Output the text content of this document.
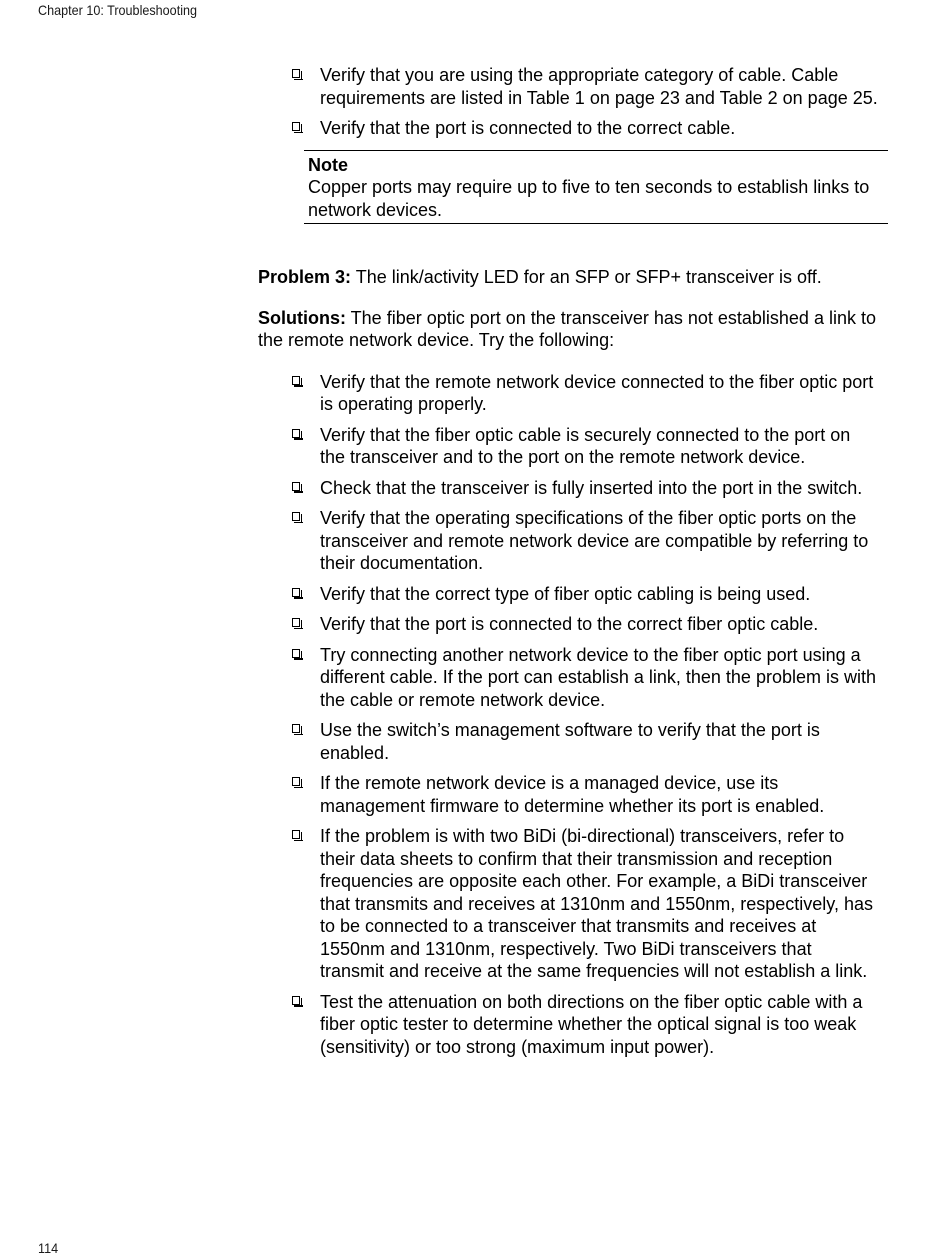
Chapter 10: Troubleshooting
Verify that you are using the appropriate category of cable. Cable requirements are listed in Table 1 on page 23 and Table 2 on page 25.
Verify that the port is connected to the correct cable.
Note
Copper ports may require up to five to ten seconds to establish links to network devices.
Problem 3: The link/activity LED for an SFP or SFP+ transceiver is off.
Solutions: The fiber optic port on the transceiver has not established a link to the remote network device. Try the following:
Verify that the remote network device connected to the fiber optic port is operating properly.
Verify that the fiber optic cable is securely connected to the port on the transceiver and to the port on the remote network device.
Check that the transceiver is fully inserted into the port in the switch.
Verify that the operating specifications of the fiber optic ports on the transceiver and remote network device are compatible by referring to their documentation.
Verify that the correct type of fiber optic cabling is being used.
Verify that the port is connected to the correct fiber optic cable.
Try connecting another network device to the fiber optic port using a different cable. If the port can establish a link, then the problem is with the cable or remote network device.
Use the switch’s management software to verify that the port is enabled.
If the remote network device is a managed device, use its management firmware to determine whether its port is enabled.
If the problem is with two BiDi (bi-directional) transceivers, refer to their data sheets to confirm that their transmission and reception frequencies are opposite each other. For example, a BiDi transceiver that transmits and receives at 1310nm and 1550nm, respectively, has to be connected to a transceiver that transmits and receives at 1550nm and 1310nm, respectively. Two BiDi transceivers that transmit and receive at the same frequencies will not establish a link.
Test the attenuation on both directions on the fiber optic cable with a fiber optic tester to determine whether the optical signal is too weak (sensitivity) or too strong (maximum input power).
114
